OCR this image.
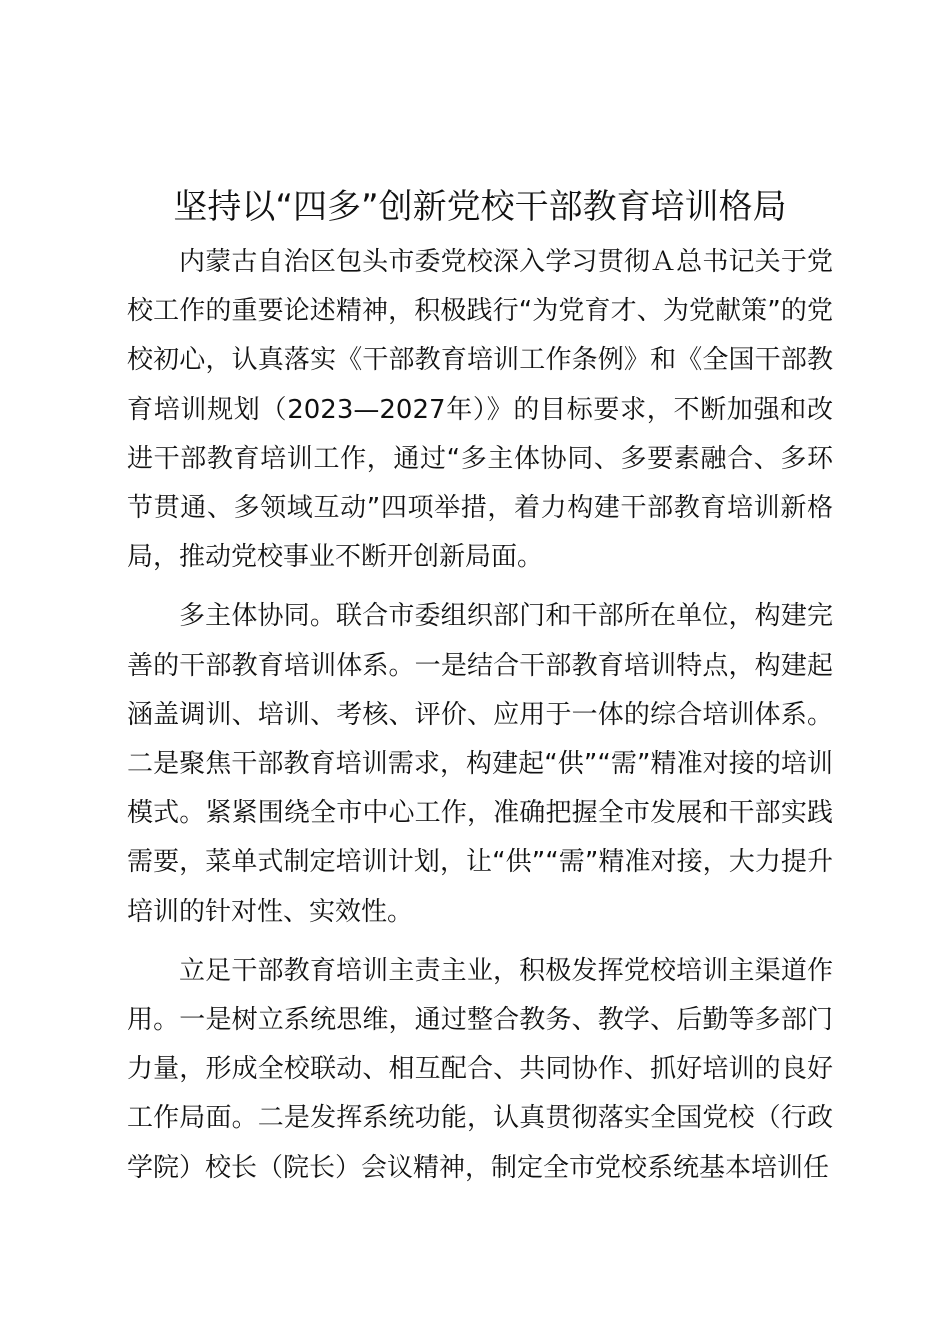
坚持以“四多”创新党校干部教育培训格局

内蒙古自治区包头市委党校深入学习贯彻Ａ总书记关于党校工作的重要论述精神，积极践行“为党育才、为党献策”的党校初心，认真落实《干部教育培训工作条例》和《全国干部教育培训规划（2023—2027年）》的目标要求，不断加强和改进干部教育培训工作，通过“多主体协同、多要素融合、多环节贯通、多领域互动”四项举措，着力构建干部教育培训新格局，推动党校事业不断开创新局面。

多主体协同。联合市委组织部门和干部所在单位，构建完善的干部教育培训体系。一是结合干部教育培训特点，构建起涵盖调训、培训、考核、评价、应用于一体的综合培训体系。二是聚焦干部教育培训需求，构建起“供”“需”精准对接的培训模式。紧紧围绕全市中心工作，准确把握全市发展和干部实践需要，菜单式制定培训计划，让“供”“需”精准对接，大力提升培训的针对性、实效性。

立足干部教育培训主责主业，积极发挥党校培训主渠道作用。一是树立系统思维，通过整合教务、教学、后勤等多部门力量，形成全校联动、相互配合、共同协作、抓好培训的良好工作局面。二是发挥系统功能，认真贯彻落实全国党校（行政学院）校长（院长）会议精神，制定全市党校系统基本培训任
